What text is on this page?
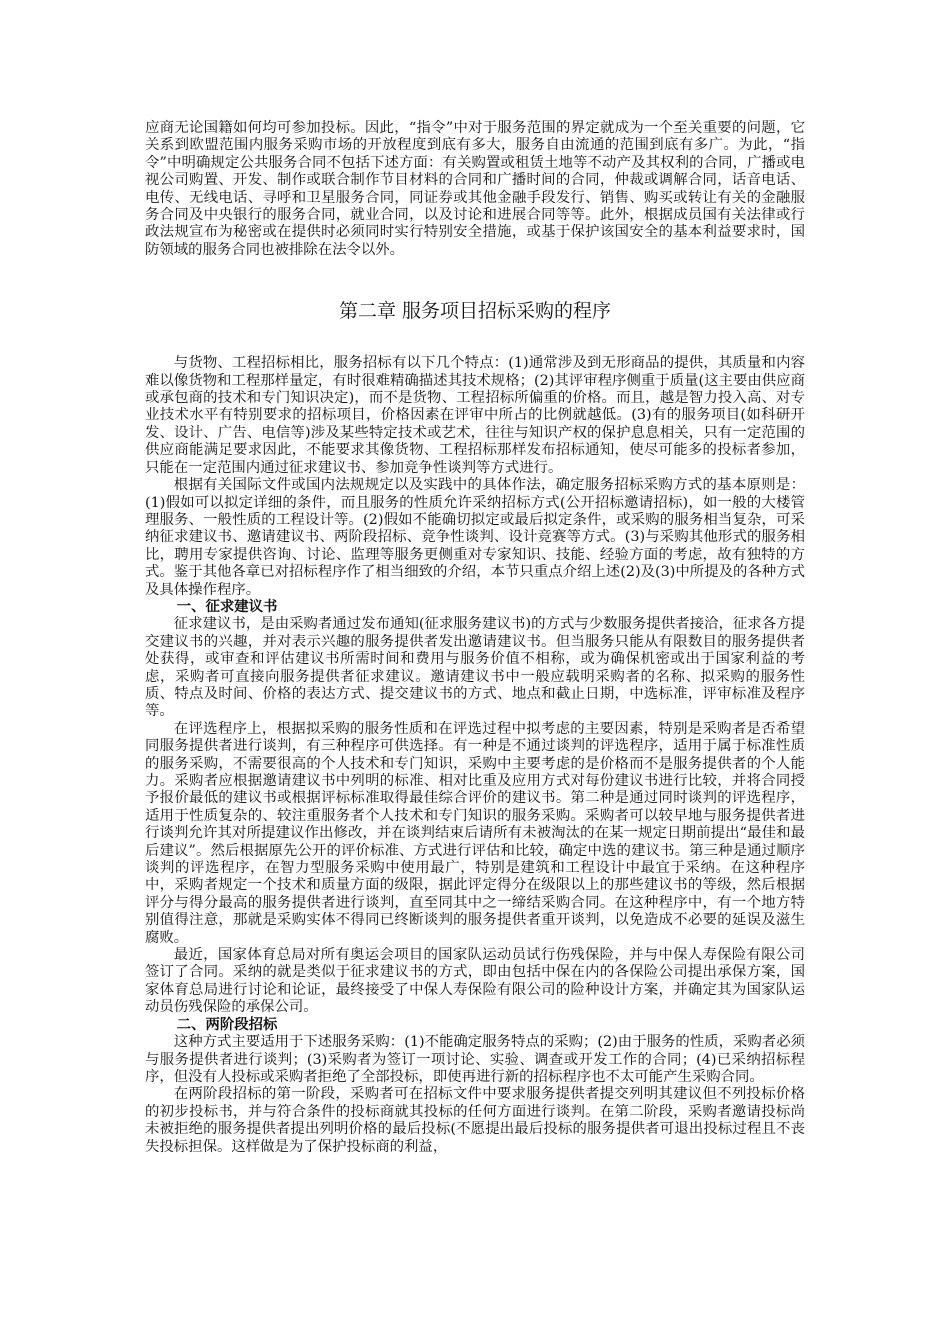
应商无论国籍如何均可参加投标。因此，“指令”中对于服务范围的界定就成为一个至关重要的问题，它关系到欧盟范围内服务采购市场的开放程度到底有多大，服务自由流通的范围到底有多广。为此，“指令”中明确规定公共服务合同不包括下述方面：有关购置或租赁土地等不动产及其权利的合同，广播或电视公司购置、开发、制作或联合制作节目材料的合同和广播时间的合同，仲裁或调解合同，话音电话、电传、无线电话、寻呼和卫星服务合同，同证券或其他金融手段发行、销售、购买或转让有关的金融服务合同及中央银行的服务合同，就业合同，以及讨论和进展合同等等。此外，根据成员国有关法律或行政法规宣布为秘密或在提供时必须同时实行特别安全措施，或基于保护该国安全的基本利益要求时，国防领域的服务合同也被排除在法令以外。

第二章 服务项目招标采购的程序

与货物、工程招标相比，服务招标有以下几个特点：(1)通常涉及到无形商品的提供，其质量和内容难以像货物和工程那样量定，有时很难精确描述其技术规格；(2)其评审程序侧重于质量(这主要由供应商或承包商的技术和专门知识决定)，而不是货物、工程招标所偏重的价格。而且，越是智力投入高、对专业技术水平有特别要求的招标项目，价格因素在评审中所占的比例就越低。(3)有的服务项目(如科研开发、设计、广告、电信等)涉及某些特定技术或艺术，往往与知识产权的保护息息相关，只有一定范围的供应商能满足要求因此，不能要求其像货物、工程招标那样发布招标通知，使尽可能多的投标者参加，只能在一定范围内通过征求建议书、参加竞争性谈判等方式进行。

根据有关国际文件或国内法规规定以及实践中的具体作法，确定服务招标采购方式的基本原则是：(1)假如可以拟定详细的条件，而且服务的性质允许采纳招标方式(公开招标邀请招标)，如一般的大楼管理服务、一般性质的工程设计等。(2)假如不能确切拟定或最后拟定条件，或采购的服务相当复杂，可采纳征求建议书、邀请建议书、两阶段招标、竞争性谈判、设计竞赛等方式。(3)与采购其他形式的服务相比，聘用专家提供咨询、讨论、监理等服务更侧重对专家知识、技能、经验方面的考虑，故有独特的方式。鉴于其他各章已对招标程序作了相当细致的介绍，本节只重点介绍上述(2)及(3)中所提及的各种方式及具体操作程序。

一、征求建议书

征求建议书，是由采购者通过发布通知(征求服务建议书)的方式与少数服务提供者接洽，征求各方提交建议书的兴趣，并对表示兴趣的服务提供者发出邀请建议书。但当服务只能从有限数目的服务提供者处获得，或审查和评估建议书所需时间和费用与服务价值不相称，或为确保机密或出于国家利益的考虑，采购者可直接向服务提供者征求建议。邀请建议书中一般应载明采购者的名称、拟采购的服务性质、特点及时间、价格的表达方式、提交建议书的方式、地点和截止日期，中选标准，评审标准及程序等。

在评选程序上，根据拟采购的服务性质和在评选过程中拟考虑的主要因素，特别是采购者是否希望同服务提供者进行谈判，有三种程序可供选择。有一种是不通过谈判的评选程序，适用于属于标准性质的服务采购，不需要很高的个人技术和专门知识，采购中主要考虑的是价格而不是服务提供者的个人能力。采购者应根据邀请建议书中列明的标准、相对比重及应用方式对每份建议书进行比较，并将合同授予报价最低的建议书或根据评标标准取得最佳综合评价的建议书。第二种是通过同时谈判的评选程序，适用于性质复杂的、较注重服务者个人技术和专门知识的服务采购。采购者可以较早地与服务提供者进行谈判允许其对所提建议作出修改，并在谈判结束后请所有未被淘汰的在某一规定日期前提出“最佳和最后建议”。然后根据原先公开的评价标准、方式进行评估和比较，确定中选的建议书。第三种是通过顺序谈判的评选程序，在智力型服务采购中使用最广，特别是建筑和工程设计中最宜于采纳。在这种程序中，采购者规定一个技术和质量方面的级限，据此评定得分在级限以上的那些建议书的等级，然后根据评分与得分最高的服务提供者进行谈判，直至同其中之一缔结采购合同。在这种程序中，有一个地方特别值得注意，那就是采购实体不得同已终断谈判的服务提供者重开谈判，以免造成不必要的延误及滋生腐败。

最近，国家体育总局对所有奥运会项目的国家队运动员试行伤残保险，并与中保人寿保险有限公司签订了合同。采纳的就是类似于征求建议书的方式，即由包括中保在内的各保险公司提出承保方案，国家体育总局进行讨论和论证，最终接受了中保人寿保险有限公司的险种设计方案，并确定其为国家队运动员伤残保险的承保公司。

二、两阶段招标

这种方式主要适用于下述服务采购：(1)不能确定服务特点的采购；(2)由于服务的性质，采购者必须与服务提供者进行谈判；(3)采购者为签订一项讨论、实验、调查或开发工作的合同；(4)已采纳招标程序，但没有人投标或采购者拒绝了全部投标，即使再进行新的招标程序也不太可能产生采购合同。

在两阶段招标的第一阶段，采购者可在招标文件中要求服务提供者提交列明其建议但不列投标价格的初步投标书，并与符合条件的投标商就其投标的任何方面进行谈判。在第二阶段，采购者邀请投标尚未被拒绝的服务提供者提出列明价格的最后投标(不愿提出最后投标的服务提供者可退出投标过程且不丧失投标担保。这样做是为了保护投标商的利益，
